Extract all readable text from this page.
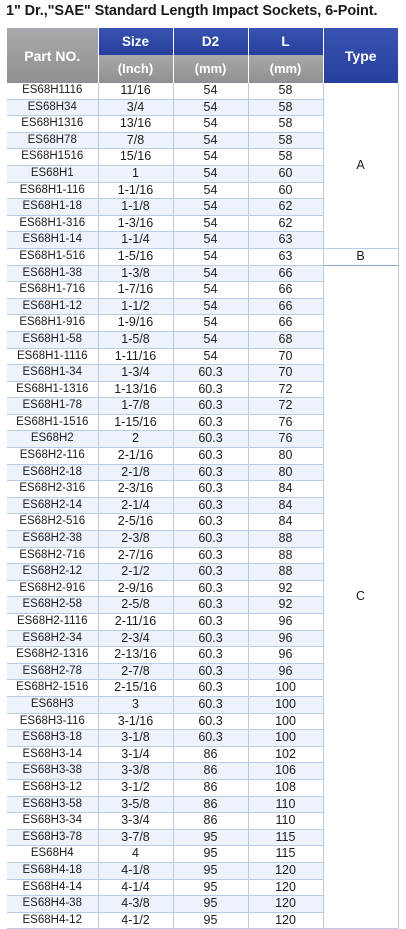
1" Dr.,"SAE" Standard Length Impact Sockets, 6-Point.
Part NO.	Size	D2	L	Type
	(Inch)	(mm)	(mm)	
ES68H1116	11/16	54	58	A
ES68H34	3/4	54	58	
ES68H1316	13/16	54	58	
ES68H78	7/8	54	58	
ES68H1516	15/16	54	58	
ES68H1	1	54	60	
ES68H1-116	1-1/16	54	60	
ES68H1-18	1-1/8	54	62	
ES68H1-316	1-3/16	54	62	
ES68H1-14	1-1/4	54	63	
ES68H1-516	1-5/16	54	63	B
ES68H1-38	1-3/8	54	66	C
ES68H1-716	1-7/16	54	66	
ES68H1-12	1-1/2	54	66	
ES68H1-916	1-9/16	54	66	
ES68H1-58	1-5/8	54	68	
ES68H1-1116	1-11/16	54	70	
ES68H1-34	1-3/4	60.3	70	
ES68H1-1316	1-13/16	60.3	72	
ES68H1-78	1-7/8	60.3	72	
ES68H1-1516	1-15/16	60.3	76	
ES68H2	2	60.3	76	
ES68H2-116	2-1/16	60.3	80	
ES68H2-18	2-1/8	60.3	80	
ES68H2-316	2-3/16	60.3	84	
ES68H2-14	2-1/4	60.3	84	
ES68H2-516	2-5/16	60.3	84	
ES68H2-38	2-3/8	60.3	88	
ES68H2-716	2-7/16	60.3	88	
ES68H2-12	2-1/2	60.3	88	
ES68H2-916	2-9/16	60.3	92	
ES68H2-58	2-5/8	60.3	92	
ES68H2-1116	2-11/16	60.3	96	
ES68H2-34	2-3/4	60.3	96	
ES68H2-1316	2-13/16	60.3	96	
ES68H2-78	2-7/8	60.3	96	
ES68H2-1516	2-15/16	60.3	100	
ES68H3	3	60.3	100	
ES68H3-116	3-1/16	60.3	100	
ES68H3-18	3-1/8	60.3	100	
ES68H3-14	3-1/4	86	102	
ES68H3-38	3-3/8	86	106	
ES68H3-12	3-1/2	86	108	
ES68H3-58	3-5/8	86	110	
ES68H3-34	3-3/4	86	110	
ES68H3-78	3-7/8	95	115	
ES68H4	4	95	115	
ES68H4-18	4-1/8	95	120	
ES68H4-14	4-1/4	95	120	
ES68H4-38	4-3/8	95	120	
ES68H4-12	4-1/2	95	120	
